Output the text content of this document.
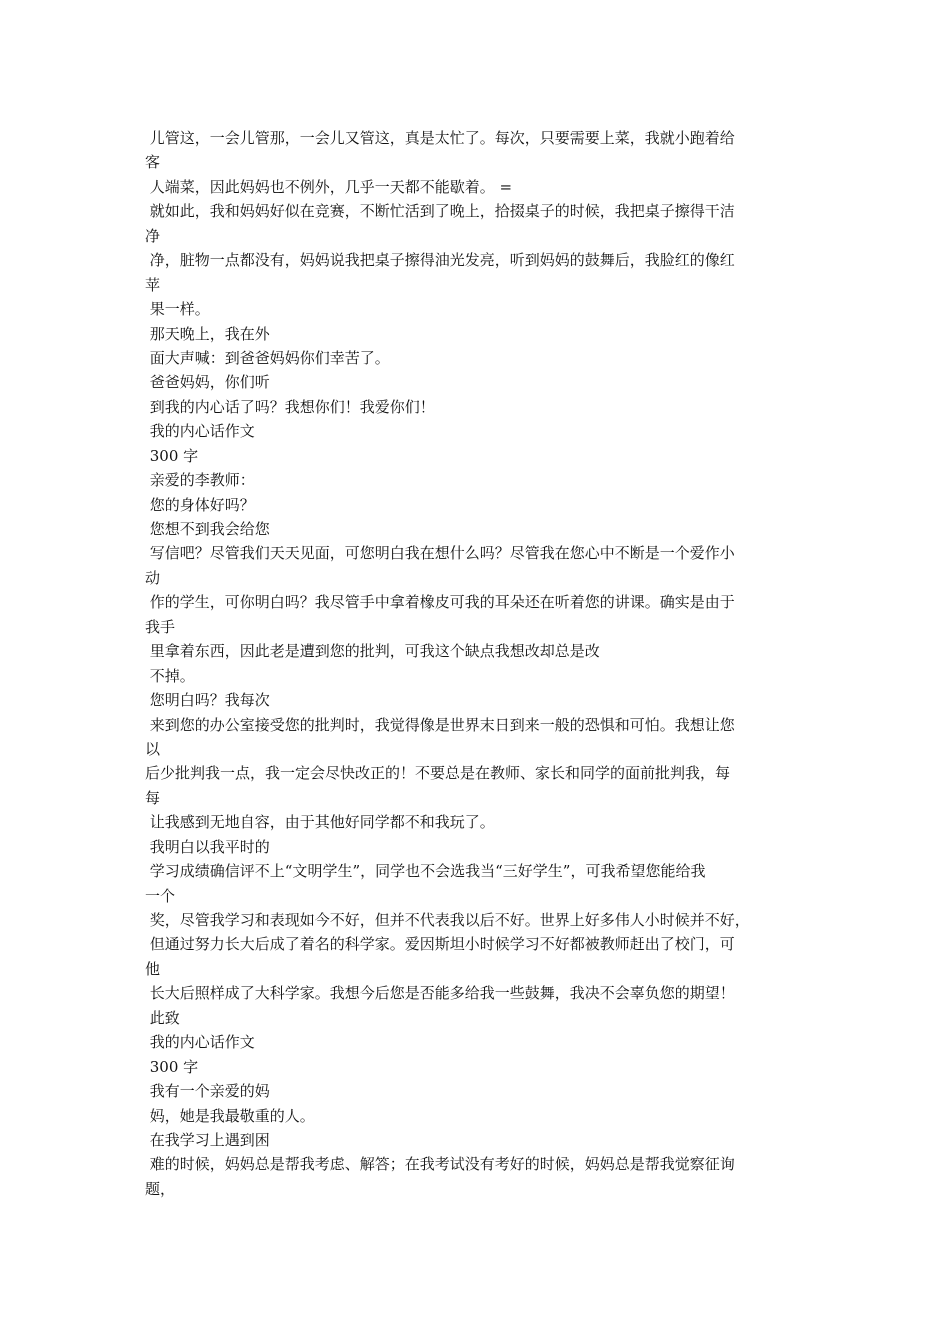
儿管这，一会儿管那，一会儿又管这，真是太忙了。每次，只要需要上菜，我就小跑着给
客
人端菜，因此妈妈也不例外，几乎一天都不能歇着。 =
就如此，我和妈妈好似在竞赛，不断忙活到了晚上，拾掇桌子的时候，我把桌子擦得干洁
净
净，脏物一点都没有，妈妈说我把桌子擦得油光发亮，听到妈妈的鼓舞后，我脸红的像红
苹
果一样。
那天晚上，我在外
面大声喊：到爸爸妈妈你们幸苦了。
爸爸妈妈，你们听
到我的内心话了吗？我想你们！我爱你们！
我的内心话作文
300 字
亲爱的李教师：
您的身体好吗？
您想不到我会给您
写信吧？尽管我们天天见面，可您明白我在想什么吗？尽管我在您心中不断是一个爱作小
动
作的学生，可你明白吗？我尽管手中拿着橡皮可我的耳朵还在听着您的讲课。确实是由于
我手
里拿着东西，因此老是遭到您的批判，可我这个缺点我想改却总是改
不掉。
您明白吗？我每次
来到您的办公室接受您的批判时，我觉得像是世界末日到来一般的恐惧和可怕。我想让您
以
后少批判我一点，我一定会尽快改正的！不要总是在教师、家长和同学的面前批判我，每
每
让我感到无地自容，由于其他好同学都不和我玩了。
我明白以我平时的
学习成绩确信评不上“文明学生”，同学也不会选我当“三好学生”，可我希望您能给我
一个
奖，尽管我学习和表现如今不好，但并不代表我以后不好。世界上好多伟人小时候并不好，
但通过努力长大后成了着名的科学家。爱因斯坦小时候学习不好都被教师赶出了校门，可
他
长大后照样成了大科学家。我想今后您是否能多给我一些鼓舞，我决不会辜负您的期望！
此致
我的内心话作文
300 字
我有一个亲爱的妈
妈，她是我最敬重的人。
在我学习上遇到困
难的时候，妈妈总是帮我考虑、解答；在我考试没有考好的时候，妈妈总是帮我觉察征询
题，
